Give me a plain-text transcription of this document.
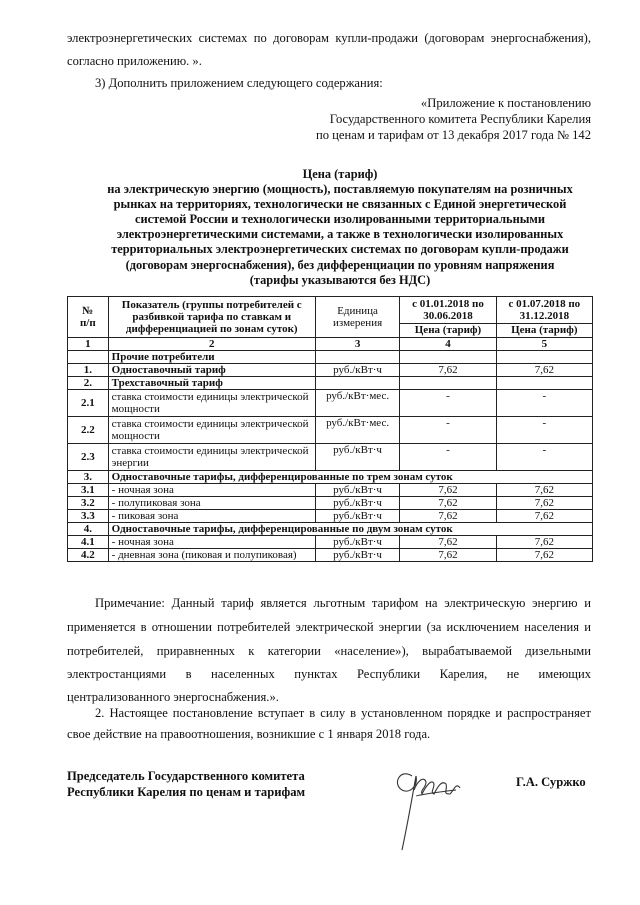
электроэнергетических системах по договорам купли-продажи (договорам энергоснабжения),
согласно приложению. ».
3) Дополнить приложением следующего содержания:
«Приложение к постановлению
Государственного комитета Республики Карелия
по ценам и тарифам от 13 декабря 2017 года № 142
Цена (тариф)
на электрическую энергию (мощность), поставляемую покупателям на розничных
рынках на территориях, технологически не связанных с Единой энергетической
системой России и технологически изолированными территориальными
электроэнергетическими системами, а также в технологически изолированных
территориальных электроэнергетических системах по договорам купли-продажи
(договорам энергоснабжения), без дифференциации по уровням напряжения
(тарифы указываются без НДС)
№
п/п	Показатель (группы потребителей с разбивкой тарифа по ставкам и дифференциацией по зонам суток)	Единица измерения	с 01.01.2018 по 30.06.2018	с 01.07.2018 по 31.12.2018
			Цена (тариф)	Цена (тариф)
1	2	3	4	5
	Прочие потребители			
1.	Одноставочный тариф	руб./кВт·ч	7,62	7,62
2.	Трехставочный тариф			
2.1	ставка стоимости единицы электрической мощности	руб./кВт·мес.	-	-
2.2	ставка стоимости единицы электрической мощности	руб./кВт·мес.	-	-
2.3	ставка стоимости единицы электрической энергии	руб./кВт·ч	-	-
3.	Одноставочные тарифы, дифференцированные по трем зонам суток			
3.1	- ночная зона	руб./кВт·ч	7,62	7,62
3.2	- полупиковая зона	руб./кВт·ч	7,62	7,62
3.3	- пиковая зона	руб./кВт·ч	7,62	7,62
4.	Одноставочные тарифы, дифференцированные по двум зонам суток			
4.1	- ночная зона	руб./кВт·ч	7,62	7,62
4.2	- дневная зона (пиковая и полупиковая)	руб./кВт·ч	7,62	7,62
Примечание: Данный тариф является льготным тарифом на электрическую энергию и
применяется в отношении потребителей электрической энергии (за исключением населения и
потребителей, приравненных к категории «население»), вырабатываемой дизельными
электростанциями в населенных пунктах Республики Карелия, не имеющих
централизованного энергоснабжения.».
2. Настоящее постановление вступает в силу в установленном порядке и распространяет
свое действие на правоотношения, возникшие с 1 января 2018 года.
Председатель Государственного комитета
Республики Карелия по ценам и тарифам
Г.А. Суржко
